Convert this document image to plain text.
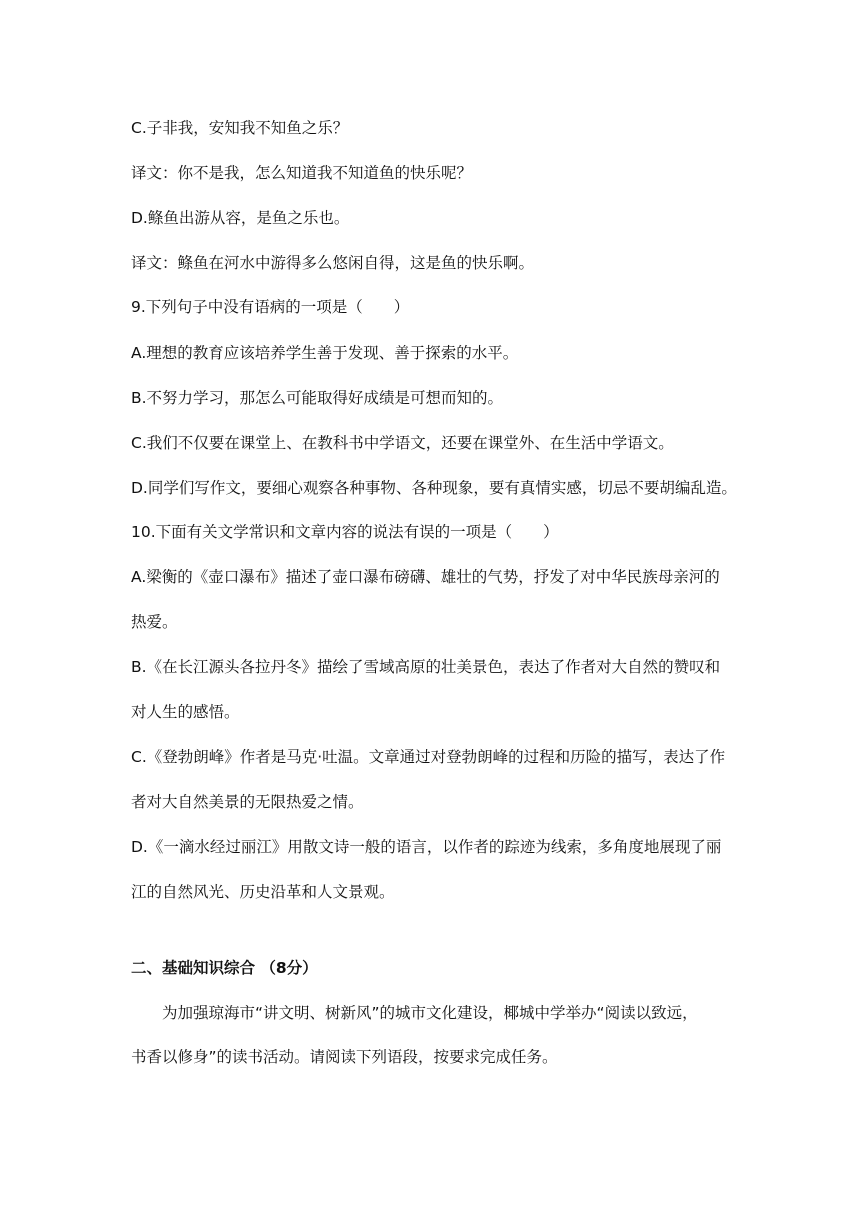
C.子非我，安知我不知鱼之乐？
译文：你不是我，怎么知道我不知道鱼的快乐呢？
D.鲦鱼出游从容，是鱼之乐也。
译文：鲦鱼在河水中游得多么悠闲自得，这是鱼的快乐啊。
9.下列句子中没有语病的一项是（　　）
A.理想的教育应该培养学生善于发现、善于探索的水平。
B.不努力学习，那怎么可能取得好成绩是可想而知的。
C.我们不仅要在课堂上、在教科书中学语文，还要在课堂外、在生活中学语文。
D.同学们写作文，要细心观察各种事物、各种现象，要有真情实感，切忌不要胡编乱造。
10.下面有关文学常识和文章内容的说法有误的一项是（　　）
A.梁衡的《壶口瀑布》描述了壶口瀑布磅礴、雄壮的气势，抒发了对中华民族母亲河的
热爱。
B.《在长江源头各拉丹冬》描绘了雪域高原的壮美景色，表达了作者对大自然的赞叹和
对人生的感悟。
C.《登勃朗峰》作者是马克·吐温。文章通过对登勃朗峰的过程和历险的描写，表达了作
者对大自然美景的无限热爱之情。
D.《一滴水经过丽江》用散文诗一般的语言，以作者的踪迹为线索，多角度地展现了丽
江的自然风光、历史沿革和人文景观。
二、基础知识综合 （8分）
　　为加强琼海市“讲文明、树新风”的城市文化建设，椰城中学举办“阅读以致远，
书香以修身”的读书活动。请阅读下列语段，按要求完成任务。
